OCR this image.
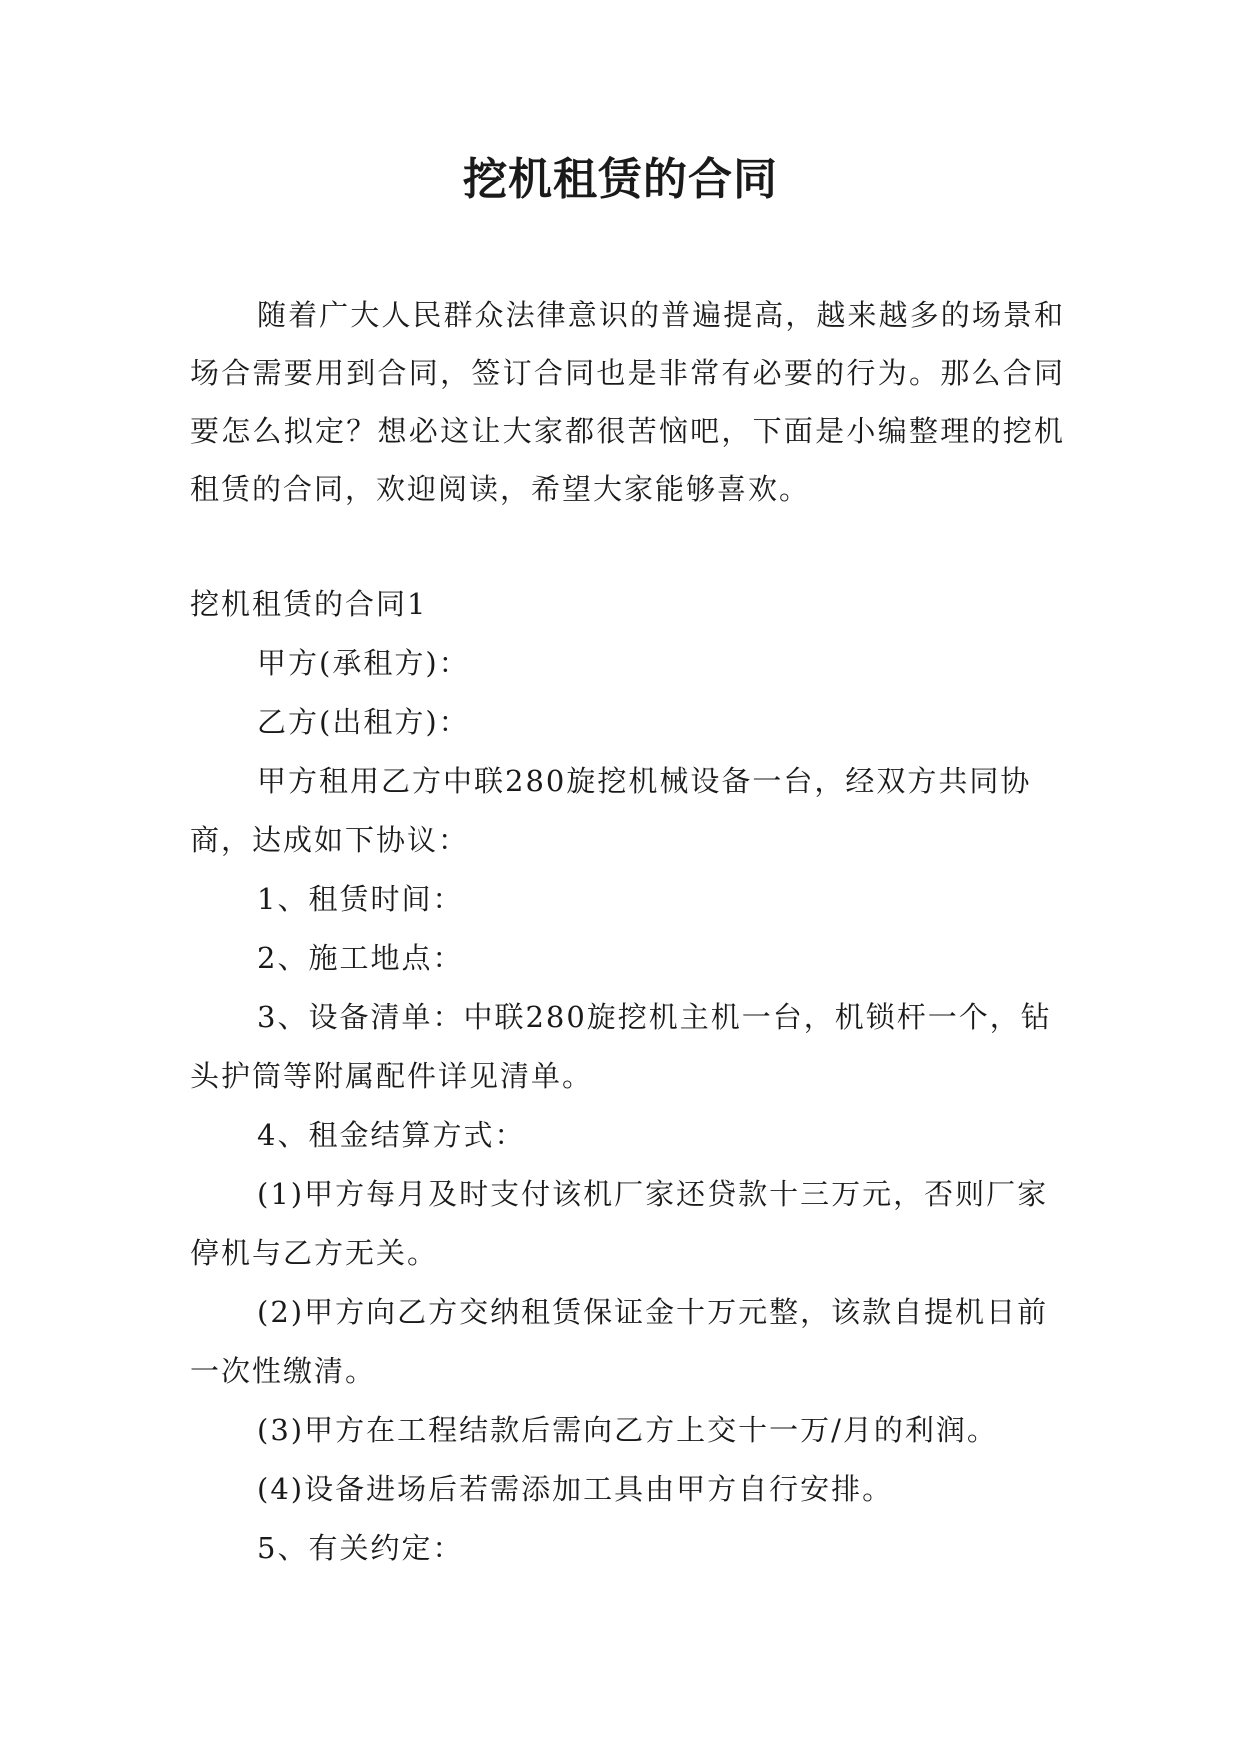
挖机租赁的合同

随着广大人民群众法律意识的普遍提高，越来越多的场景和场合需要用到合同，签订合同也是非常有必要的行为。那么合同要怎么拟定？想必这让大家都很苦恼吧，下面是小编整理的挖机租赁的合同，欢迎阅读，希望大家能够喜欢。

挖机租赁的合同1

甲方(承租方)：

乙方(出租方)：

甲方租用乙方中联280旋挖机械设备一台，经双方共同协商，达成如下协议：

1、租赁时间：

2、施工地点：

3、设备清单：中联280旋挖机主机一台，机锁杆一个，钻头护筒等附属配件详见清单。

4、租金结算方式：

(1)甲方每月及时支付该机厂家还贷款十三万元，否则厂家停机与乙方无关。

(2)甲方向乙方交纳租赁保证金十万元整，该款自提机日前一次性缴清。

(3)甲方在工程结款后需向乙方上交十一万/月的利润。

(4)设备进场后若需添加工具由甲方自行安排。

5、有关约定：
